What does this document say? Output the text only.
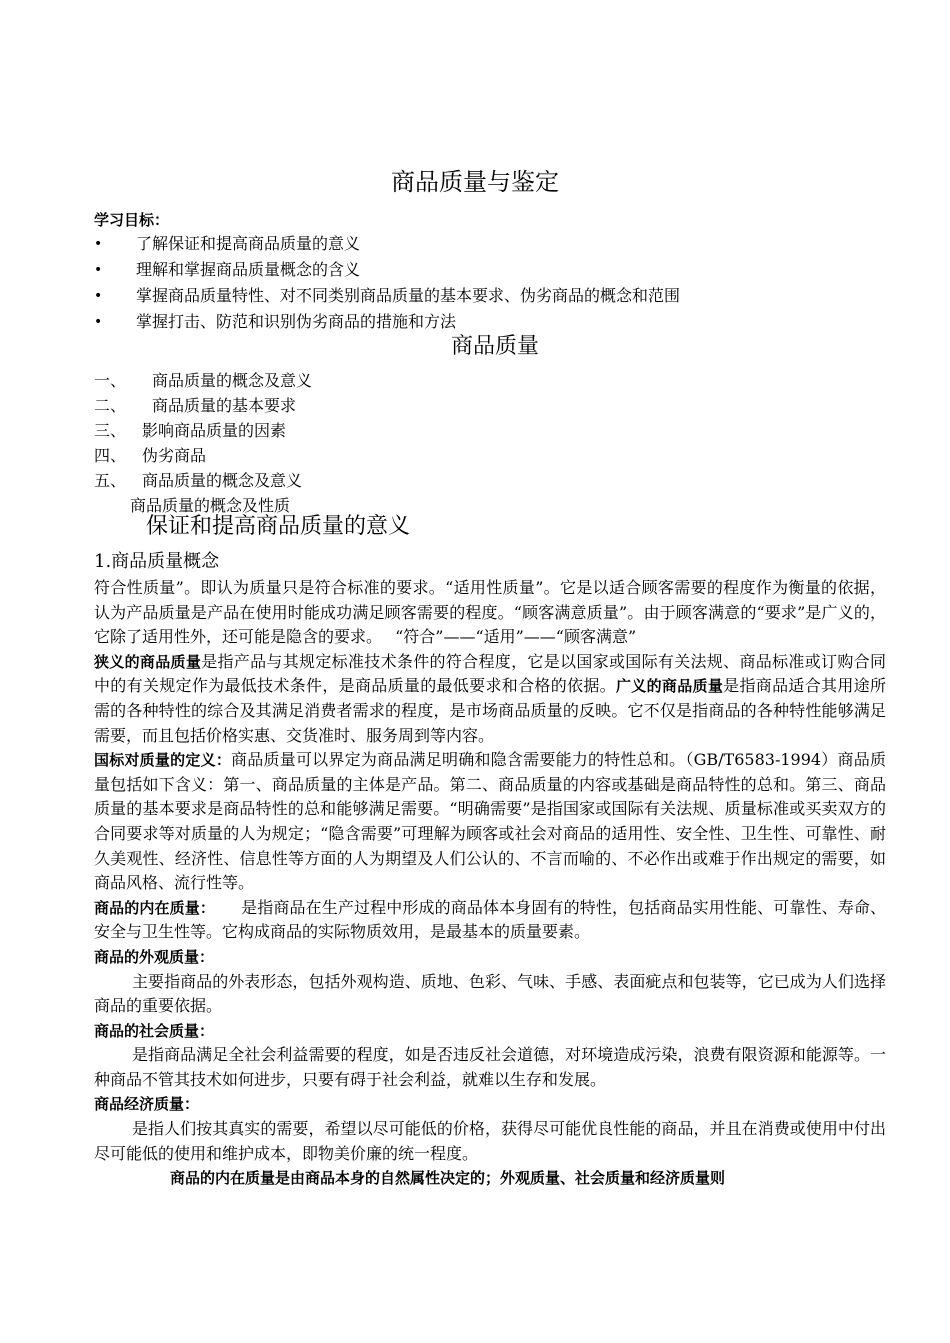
商品质量与鉴定
学习目标：
• 了解保证和提高商品质量的意义
• 理解和掌握商品质量概念的含义
• 掌握商品质量特性、对不同类别商品质量的基本要求、伪劣商品的概念和范围
• 掌握打击、防范和识别伪劣商品的措施和方法
商品质量
一、 商品质量的概念及意义
二、 商品质量的基本要求
三、 影响商品质量的因素
四、 伪劣商品
五、 商品质量的概念及意义
商品质量的概念及性质
保证和提高商品质量的意义
1.商品质量概念

符合性质量”。即认为质量只是符合标准的要求。“适用性质量”。它是以适合顾客需要的程度作为衡量的依据，认为产品质量是产品在使用时能成功满足顾客需要的程度。“顾客满意质量”。由于顾客满意的“要求”是广义的，它除了适用性外，还可能是隐含的要求。　 “符合”——“适用”——“顾客满意”

狭义的商品质量是指产品与其规定标准技术条件的符合程度，它是以国家或国际有关法规、商品标准或订购合同中的有关规定作为最低技术条件，是商品质量的最低要求和合格的依据。广义的商品质量是指商品适合其用途所需的各种特性的综合及其满足消费者需求的程度，是市场商品质量的反映。它不仅是指商品的各种特性能够满足需要，而且包括价格实惠、交货准时、服务周到等内容。

国标对质量的定义：商品质量可以界定为商品满足明确和隐含需要能力的特性总和。（GB/T6583-1994）商品质量包括如下含义：第一、商品质量的主体是产品。第二、商品质量的内容或基础是商品特性的总和。第三、商品质量的基本要求是商品特性的总和能够满足需要。“明确需要”是指国家或国际有关法规、质量标准或买卖双方的合同要求等对质量的人为规定；“隐含需要”可理解为顾客或社会对商品的适用性、安全性、卫生性、可靠性、耐久美观性、经济性、信息性等方面的人为期望及人们公认的、不言而喻的、不必作出或难于作出规定的需要，如商品风格、流行性等。

商品的内在质量： 是指商品在生产过程中形成的商品体本身固有的特性，包括商品实用性能、可靠性、寿命、安全与卫生性等。它构成商品的实际物质效用，是最基本的质量要素。

商品的外观质量：

主要指商品的外表形态，包括外观构造、质地、色彩、气味、手感、表面疵点和包装等，它已成为人们选择商品的重要依据。

商品的社会质量：

是指商品满足全社会利益需要的程度，如是否违反社会道德，对环境造成污染，浪费有限资源和能源等。一种商品不管其技术如何进步，只要有碍于社会利益，就难以生存和发展。

商品经济质量：

是指人们按其真实的需要，希望以尽可能低的价格，获得尽可能优良性能的商品，并且在消费或使用中付出尽可能低的使用和维护成本，即物美价廉的统一程度。

商品的内在质量是由商品本身的自然属性决定的；外观质量、社会质量和经济质量则
